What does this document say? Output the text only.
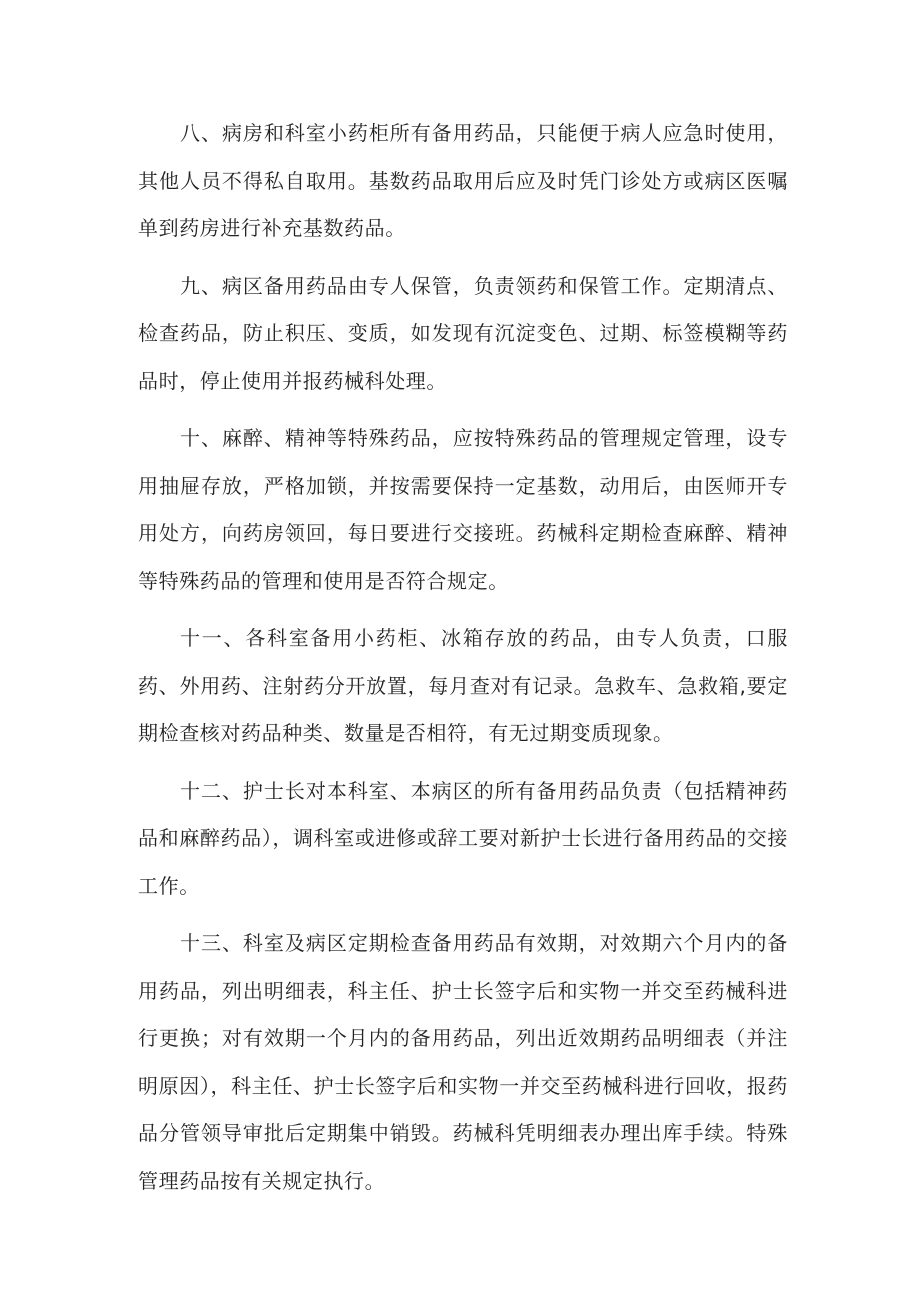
八、病房和科室小药柜所有备用药品，只能便于病人应急时使用，其他人员不得私自取用。基数药品取用后应及时凭门诊处方或病区医嘱单到药房进行补充基数药品。

九、病区备用药品由专人保管，负责领药和保管工作。定期清点、检查药品，防止积压、变质，如发现有沉淀变色、过期、标签模糊等药品时，停止使用并报药械科处理。

十、麻醉、精神等特殊药品，应按特殊药品的管理规定管理，设专用抽屉存放，严格加锁，并按需要保持一定基数，动用后，由医师开专用处方，向药房领回，每日要进行交接班。药械科定期检查麻醉、精神等特殊药品的管理和使用是否符合规定。

十一、各科室备用小药柜、冰箱存放的药品，由专人负责，口服药、外用药、注射药分开放置，每月查对有记录。急救车、急救箱,要定期检查核对药品种类、数量是否相符，有无过期变质现象。

十二、护士长对本科室、本病区的所有备用药品负责（包括精神药品和麻醉药品），调科室或进修或辞工要对新护士长进行备用药品的交接工作。

十三、科室及病区定期检查备用药品有效期，对效期六个月内的备用药品，列出明细表，科主任、护士长签字后和实物一并交至药械科进行更换；对有效期一个月内的备用药品，列出近效期药品明细表（并注明原因），科主任、护士长签字后和实物一并交至药械科进行回收，报药品分管领导审批后定期集中销毁。药械科凭明细表办理出库手续。特殊管理药品按有关规定执行。
